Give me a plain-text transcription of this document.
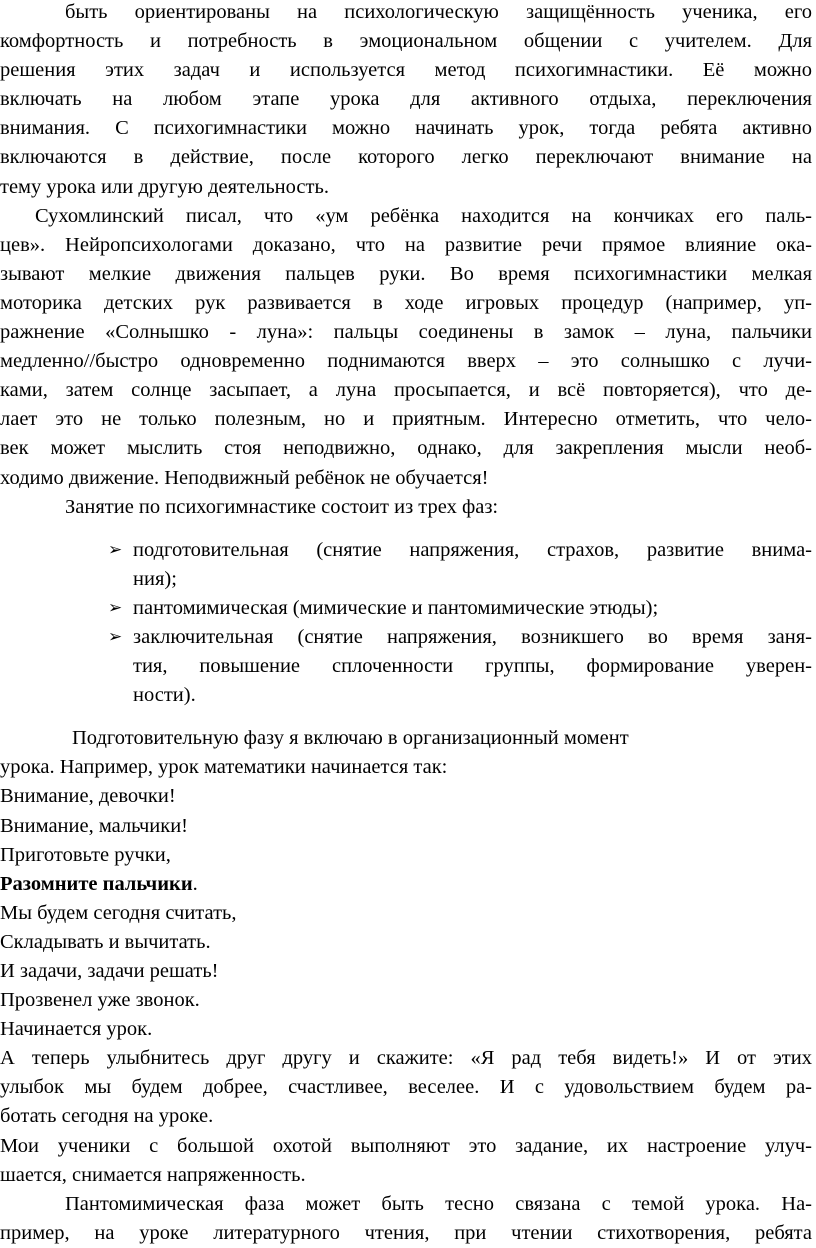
быть ориентированы на психологическую защищённость ученика, его

комфортность и потребность в эмоциональном общении с учителем. Для

решения этих задач и используется метод психогимнастики. Её можно

включать на любом этапе урока для активного отдыха, переключения

внимания. С психогимнастики можно начинать урок, тогда ребята активно

включаются в действие, после которого легко переключают внимание на

тему урока или другую деятельность.

Сухомлинский писал, что «ум ребёнка находится на кончиках его паль-

цев». Нейропсихологами доказано, что на развитие речи прямое влияние ока-

зывают мелкие движения пальцев руки. Во время психогимнастики мелкая

моторика детских рук развивается в ходе игровых процедур (например, уп-

ражнение «Солнышко - луна»: пальцы соединены в замок – луна, пальчики

медленно//быстро одновременно поднимаются вверх – это солнышко с лучи-

ками, затем солнце засыпает, а луна просыпается, и всё повторяется), что де-

лает это не только полезным, но и приятным. Интересно отметить, что чело-

век может мыслить стоя неподвижно, однако, для закрепления мысли необ-

ходимо движение. Неподвижный ребёнок не обучается!

Занятие по психогимнастике состоит из трех фаз:

➢ подготовительная (снятие напряжения, страхов, развитие внима-

ния);

➢ пантомимическая (мимические и пантомимические этюды);

➢ заключительная (снятие напряжения, возникшего во время заня-

тия, повышение сплоченности группы, формирование уверен-

ности).

Подготовительную фазу я включаю в организационный момент

урока. Например, урок математики начинается так:

Внимание, девочки!

Внимание, мальчики!

Приготовьте ручки,

Разомните пальчики.

Мы будем сегодня считать,

Складывать и вычитать.

И задачи, задачи решать!

Прозвенел уже звонок.

Начинается урок.

А теперь улыбнитесь друг другу и скажите: «Я рад тебя видеть!» И от этих

улыбок мы будем добрее, счастливее, веселее. И с удовольствием будем ра-

ботать сегодня на уроке.

Мои ученики с большой охотой выполняют это задание, их настроение улуч-

шается, снимается напряженность.

Пантомимическая фаза может быть тесно связана с темой урока. На-

пример, на уроке литературного чтения, при чтении стихотворения, ребята
